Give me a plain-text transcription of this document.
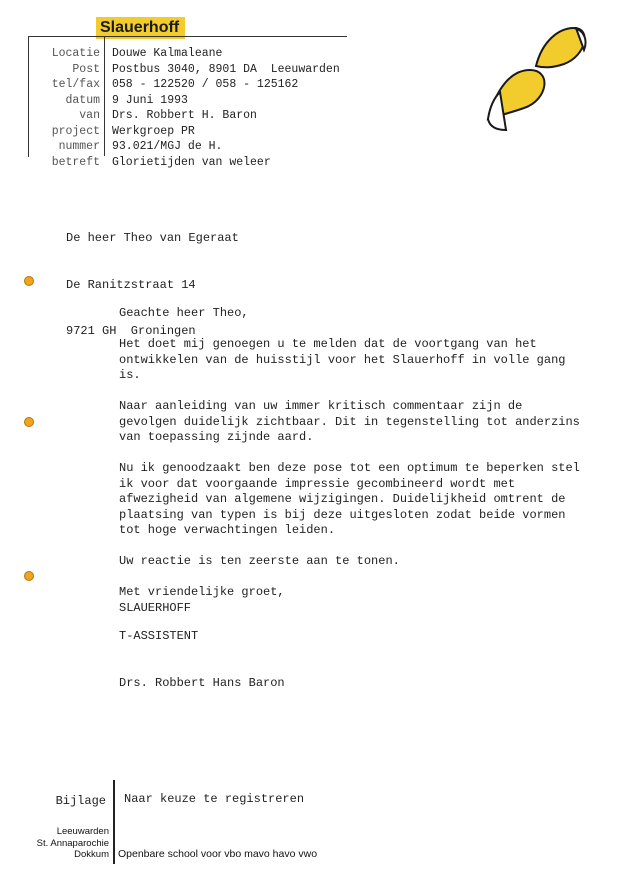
Slauerhoff
Locatie
Post
tel/fax
datum
van
project
nummer
betreft
Douwe Kalmaleane
Postbus 3040, 8901 DA  Leeuwarden
058 - 122520 / 058 - 125162
9 Juni 1993
Drs. Robbert H. Baron
Werkgroep PR
93.021/MGJ de H.
Glorietijden van weleer

De heer Theo van Egeraat

De Ranitzstraat 14

9721 GH  Groningen

Geachte heer Theo,

Het doet mij genoegen u te melden dat de voortgang van het
ontwikkelen van de huisstijl voor het Slauerhoff in volle gang
is.

Naar aanleiding van uw immer kritisch commentaar zijn de
gevolgen duidelijk zichtbaar. Dit in tegenstelling tot anderzins
van toepassing zijnde aard.

Nu ik genoodzaakt ben deze pose tot een optimum te beperken stel
ik voor dat voorgaande impressie gecombineerd wordt met
afwezigheid van algemene wijzigingen. Duidelijkheid omtrent de
plaatsing van typen is bij deze uitgesloten zodat beide vormen
tot hoge verwachtingen leiden.

Uw reactie is ten zeerste aan te tonen.

Met vriendelijke groet,

SLAUERHOFF

T-ASSISTENT

Drs. Robbert Hans Baron

Bijlage Naar keuze te registreren
Leeuwarden
St. Annaparochie
Dokkum Openbare school voor vbo mavo havo vwo
